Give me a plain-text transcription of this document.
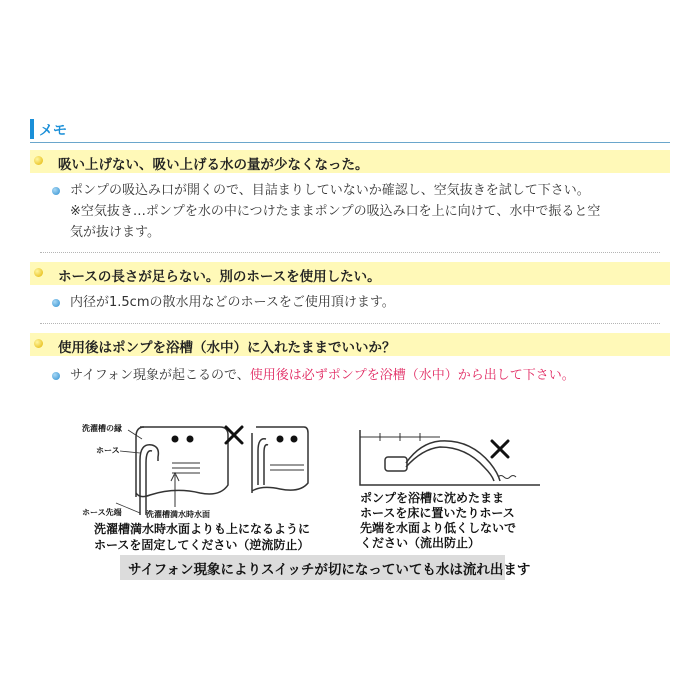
メモ
吸い上げない、吸い上げる水の量が少なくなった。
ポンプの吸込み口が開くので、目詰まりしていないか確認し、空気抜きを試して下さい。
※空気抜き…ポンプを水の中につけたままポンプの吸込み口を上に向けて、水中で振ると空
気が抜けます。
ホースの長さが足らない。別のホースを使用したい。
内径が1.5cmの散水用などのホースをご使用頂けます。
使用後はポンプを浴槽（水中）に入れたままでいいか？
サイフォン現象が起こるので、使用後は必ずポンプを浴槽（水中）から出して下さい。
洗濯槽の縁
ホース
ホース先端	洗濯槽満水時水面
洗濯槽満水時水面よりも上になるように
ホースを固定してください（逆流防止）
ポンプを浴槽に沈めたまま
ホースを床に置いたりホース
先端を水面より低くしないで
ください（流出防止）
サイフォン現象によりスイッチが切になっていても水は流れ出ます
